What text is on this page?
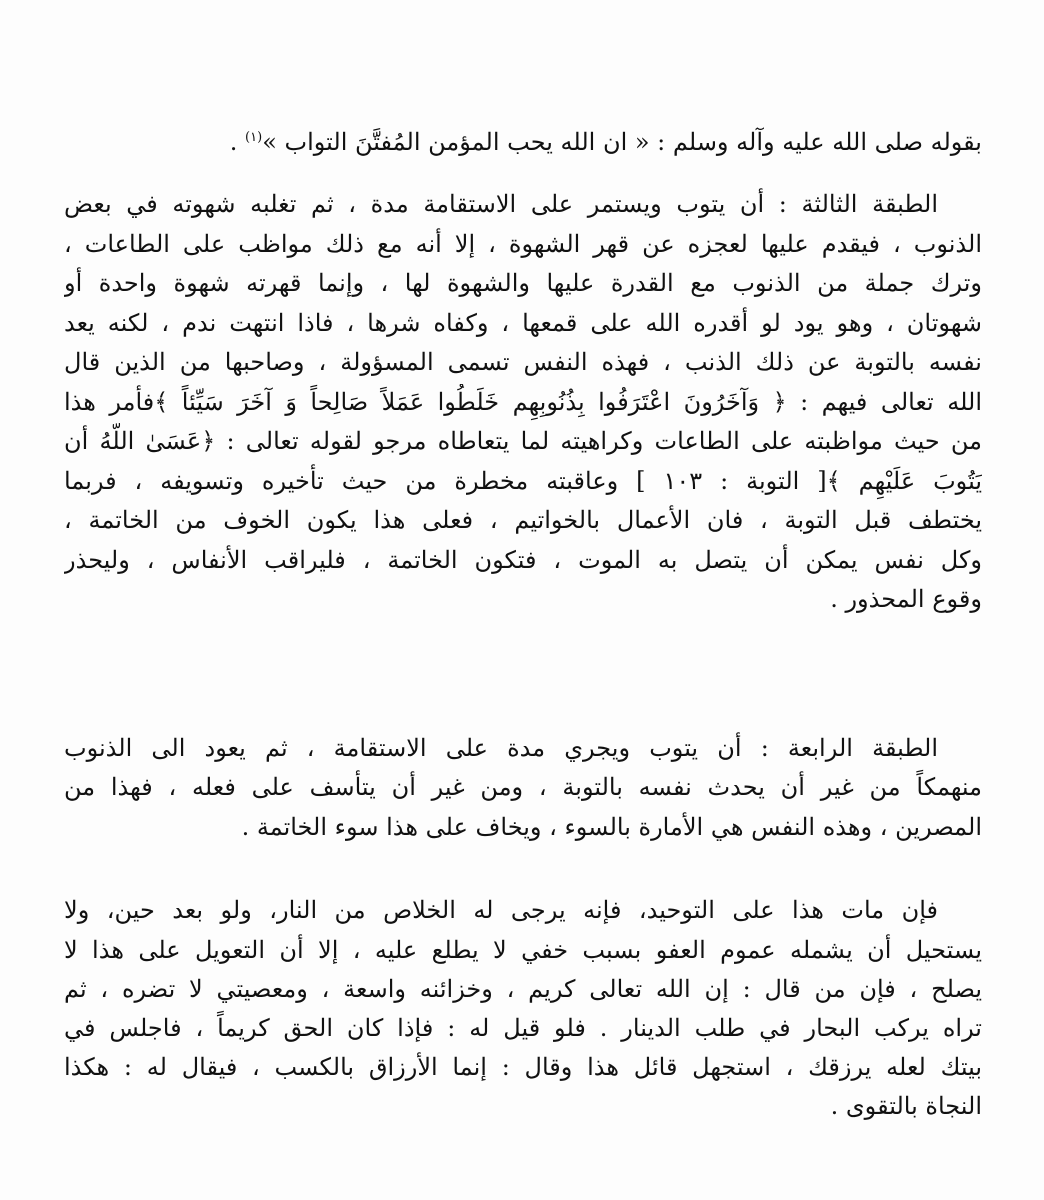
بقوله صلى الله عليه وآله وسلم : « ان الله يحب المؤمن المُفتَّنَ التواب »$^{(١)}$ .
الطبقة الثالثة : أن يتوب ويستمر على الاستقامة مدة ، ثم تغلبه شهوته في بعض
الذنوب ، فيقدم عليها لعجزه عن قهر الشهوة ، إلا أنه مع ذلك مواظب على الطاعات ،
وترك جملة من الذنوب مع القدرة عليها والشهوة لها ، وإنما قهرته شهوة واحدة أو
شهوتان ، وهو يود لو أقدره الله على قمعها ، وكفاه شرها ، فاذا انتهت ندم ، لكنه يعد
نفسه بالتوبة عن ذلك الذنب ، فهذه النفس تسمى المسؤولة ، وصاحبها من الذين قال
الله تعالى فيهم : ﴿ وَآخَرُونَ اعْتَرَفُوا بِذُنُوبِهِم خَلَطُوا عَمَلاً صَالِحاً وَ آخَرَ سَيِّئاً ﴾فأمر هذا
من حيث مواظبته على الطاعات وكراهيته لما يتعاطاه مرجو لقوله تعالى : ﴿عَسَىٰ اللَّهُ أن
يَتُوبَ عَلَيْهِم ﴾[ التوبة : ١٠٣ ] وعاقبته مخطرة من حيث تأخيره وتسويفه ، فربما
يختطف قبل التوبة ، فان الأعمال بالخواتيم ، فعلى هذا يكون الخوف من الخاتمة ،
وكل نفس يمكن أن يتصل به الموت ، فتكون الخاتمة ، فليراقب الأنفاس ، وليحذر
وقوع المحذور .
الطبقة الرابعة : أن يتوب ويجري مدة على الاستقامة ، ثم يعود الى الذنوب
منهمكاً من غير أن يحدث نفسه بالتوبة ، ومن غير أن يتأسف على فعله ، فهذا من
المصرين ، وهذه النفس هي الأمارة بالسوء ، ويخاف على هذا سوء الخاتمة .
فإن مات هذا على التوحيد، فإنه يرجى له الخلاص من النار، ولو بعد حين، ولا
يستحيل أن يشمله عموم العفو بسبب خفي لا يطلع عليه ، إلا أن التعويل على هذا لا
يصلح ، فإن من قال : إن الله تعالى كريم ، وخزائنه واسعة ، ومعصيتي لا تضره ، ثم
تراه يركب البحار في طلب الدينار . فلو قيل له : فإذا كان الحق كريماً ، فاجلس في
بيتك لعله يرزقك ، استجهل قائل هذا وقال : إنما الأرزاق بالكسب ، فيقال له : هكذا
النجاة بالتقوى .
